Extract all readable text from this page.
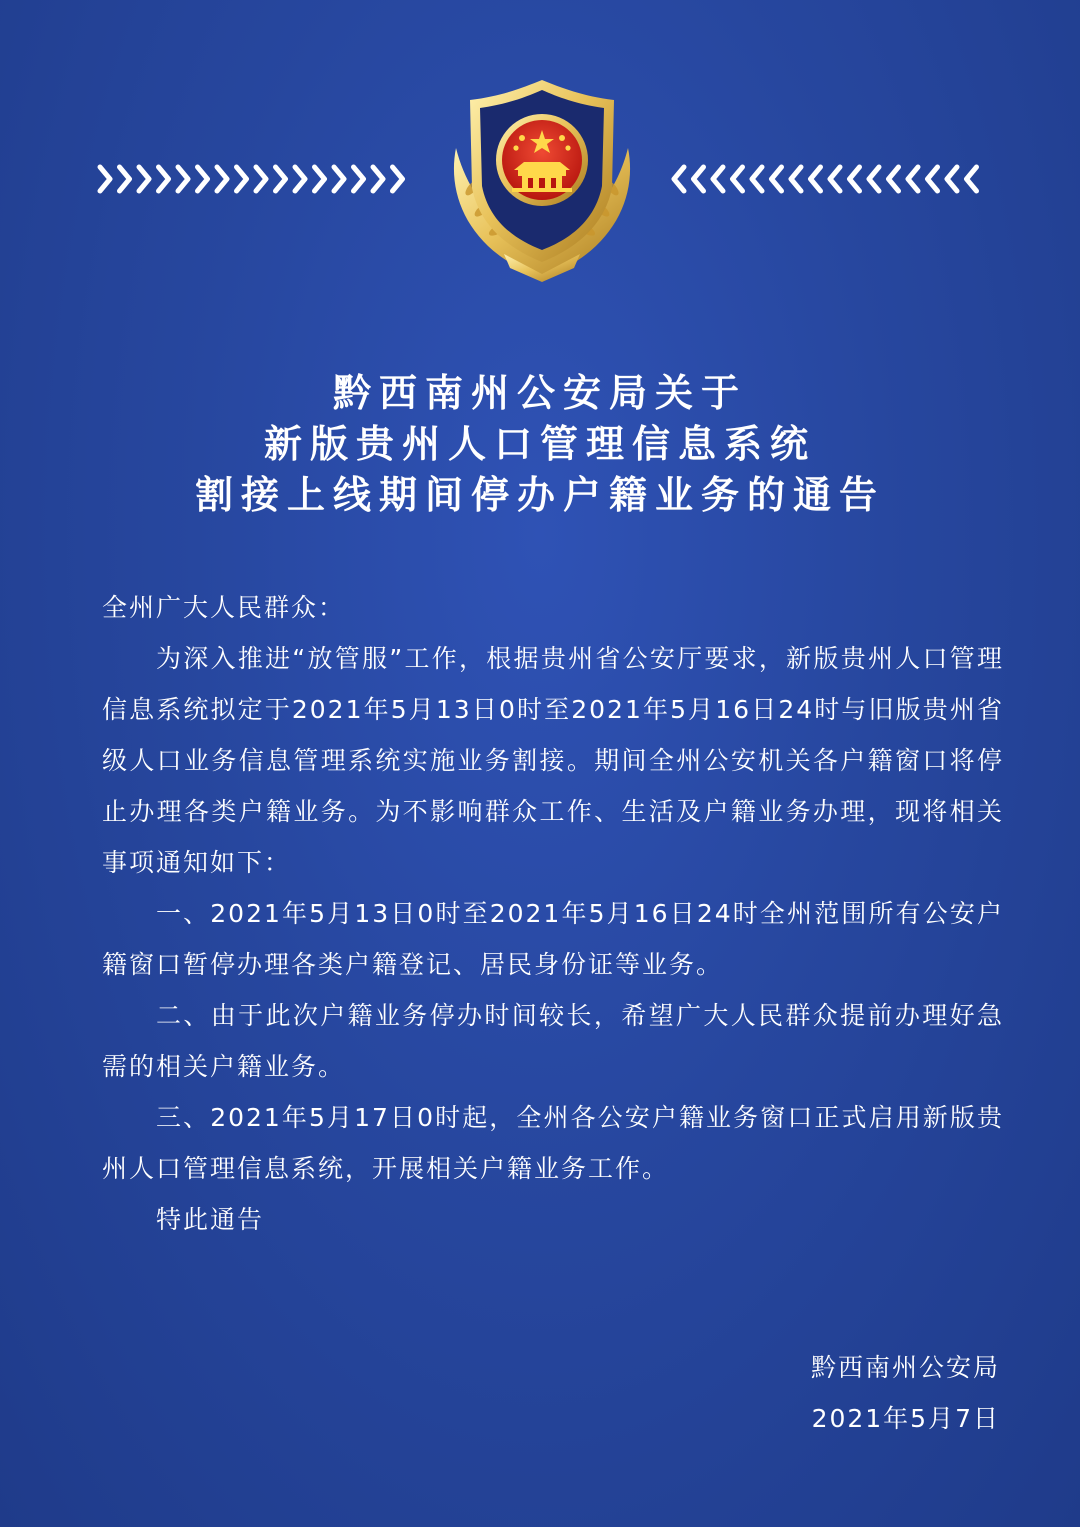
黔西南州公安局关于
新版贵州人口管理信息系统
割接上线期间停办户籍业务的通告

全州广大人民群众：

为深入推进“放管服”工作，根据贵州省公安厅要求，新版贵州人口管理信息系统拟定于2021年5月13日0时至2021年5月16日24时与旧版贵州省级人口业务信息管理系统实施业务割接。期间全州公安机关各户籍窗口将停止办理各类户籍业务。为不影响群众工作、生活及户籍业务办理，现将相关事项通知如下：

一、2021年5月13日0时至2021年5月16日24时全州范围所有公安户籍窗口暂停办理各类户籍登记、居民身份证等业务。

二、由于此次户籍业务停办时间较长，希望广大人民群众提前办理好急需的相关户籍业务。

三、2021年5月17日0时起，全州各公安户籍业务窗口正式启用新版贵州人口管理信息系统，开展相关户籍业务工作。

特此通告

黔西南州公安局
2021年5月7日
